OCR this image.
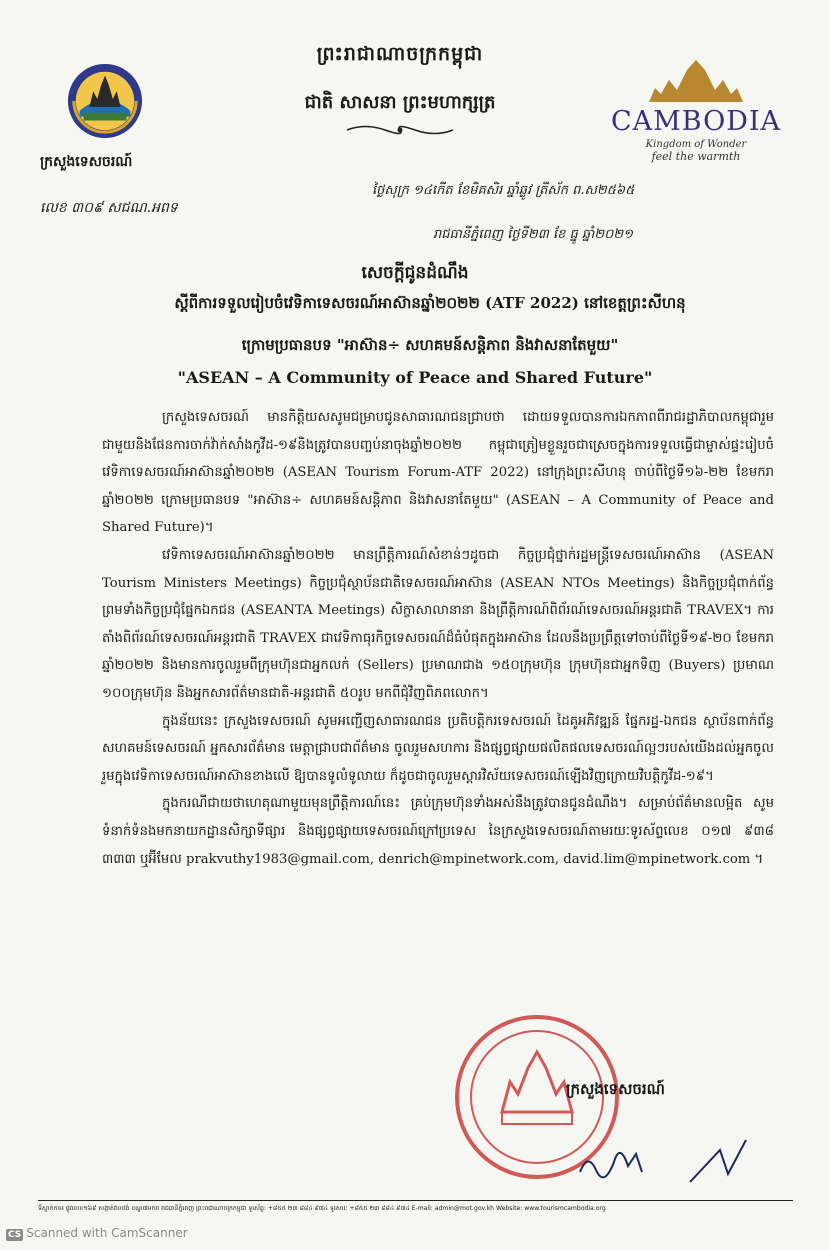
ក្រសួងទេសចរណ៍
លេខ ៣០៩ សជណ.អពទ
ព្រះរាជាណាចក្រកម្ពុជា
ជាតិ សាសនា ព្រះមហាក្សត្រ
CAMBODIA
Kingdom of Wonder
feel the warmth
ថ្ងៃសុក្រ ១៤កើត ខែមិគសិរ ឆ្នាំឆ្លូវ ត្រីស័ក ព.ស២៥៦៥
រាជធានីភ្នំពេញ ថ្ងៃទី២៣ ខែ ធ្នូ ឆ្នាំ២០២១
សេចក្ដីជូនដំណឹង
ស្ដីពីការទទួលរៀបចំវេទិកាទេសចរណ៍អាស៊ានឆ្នាំ២០២២ (ATF 2022) នៅខេត្តព្រះសីហនុ
ក្រោមប្រធានបទ "អាស៊ាន÷ សហគមន៍សន្តិភាព និងវាសនាតែមួយ"
"ASEAN – A Community of Peace and Shared Future"

ក្រសួងទេសចរណ៍ មានកិត្តិយសសូមជម្រាបជូនសាធារណជនជ្រាបថា ដោយទទួលបានការឯកភាពពីរាជរដ្ឋាភិបាលកម្ពុជារួមជាមួយនិងផែនការចាក់វ៉ាក់សាំងកូវីដ-១៩និងត្រូវបានបញ្ចប់នាចុងឆ្នាំ២០២២ កម្ពុជាត្រៀមខ្លួនរួចជាស្រេចក្នុងការទទួលធ្វើជាម្ចាស់ផ្ទះរៀបចំវេទិកាទេសចរណ៍អាស៊ានឆ្នាំ២០២២ (ASEAN Tourism Forum-ATF 2022) នៅក្រុងព្រះសីហនុ ចាប់ពីថ្ងៃទី១៦-២២ ខែមករា ឆ្នាំ២០២២ ក្រោមប្រធានបទ "អាស៊ាន÷ សហគមន៍សន្តិភាព និងវាសនាតែមួយ" (ASEAN – A Community of Peace and Shared Future)។

វេទិកាទេសចរណ៍អាស៊ានឆ្នាំ២០២២ មានព្រឹត្តិការណ៍សំខាន់ៗដូចជា កិច្ចប្រជុំថ្នាក់រដ្ឋមន្ត្រីទេសចរណ៍អាស៊ាន (ASEAN Tourism Ministers Meetings) កិច្ចប្រជុំស្ថាប័នជាតិទេសចរណ៍អាស៊ាន (ASEAN NTOs Meetings) និងកិច្ចប្រជុំពាក់ព័ន្ធ ព្រមទាំងកិច្ចប្រជុំផ្នែកឯកជន (ASEANTA Meetings) សិក្ខាសាលានានា និងព្រឹត្តិការណ៍ពិព័រណ៍ទេសចរណ៍អន្តរជាតិ TRAVEX។ ការតាំងពិព័រណ៍ទេសចរណ៍អន្តរជាតិ TRAVEX ជាវេទិកាធុរកិច្ចទេសចរណ៍ដ៏ធំបំផុតក្នុងអាស៊ាន ដែលនឹងប្រព្រឹត្តទៅចាប់ពីថ្ងៃទី១៩-២០ ខែមករា ឆ្នាំ២០២២ និងមានការចូលរួមពីក្រុមហ៊ុនជាអ្នកលក់ (Sellers) ប្រមាណជាង ១៥០ក្រុមហ៊ុន ក្រុមហ៊ុនជាអ្នកទិញ (Buyers) ប្រមាណ ១០០ក្រុមហ៊ុន និងអ្នកសារព័ត៌មានជាតិ-អន្តរជាតិ ៥០រូប មកពីជុំវិញពិភពលោក។

ក្នុងន័យនេះ ក្រសួងទេសចរណ៍ សូមអញ្ជើញសាធារណជន ប្រតិបត្តិករទេសចរណ៍ ដៃគូអភិវឌ្ឍន៍ ផ្នែករដ្ឋ-ឯកជន ស្ថាប័នពាក់ព័ន្ធ សហគមន៍ទេសចរណ៍ អ្នកសារព័ត៌មាន មេត្តាជ្រាបជាព័ត៌មាន ចូលរួមសហការ និងផ្សព្វផ្សាយផលិតផលទេសចរណ៍ល្អៗរបស់យើងដល់អ្នកចូលរួមក្នុងវេទិកាទេសចរណ៍អាស៊ានខាងលើ ឱ្យបានទូលំទូលាយ ក៏ដូចជាចូលរួមស្ដារវិស័យទេសចរណ៍ឡើងវិញក្រោយវិបត្តិកូវីដ-១៩។

ក្នុងករណីជាយថាហេតុណាមួយមុនព្រឹត្តិការណ៍នេះ គ្រប់ក្រុមហ៊ុនទាំងអស់នឹងត្រូវបានជូនដំណឹង។ សម្រាប់ព័ត៌មានលម្អិត សូមទំនាក់ទំនងមកនាយកដ្ឋានសិក្សាទីផ្សារ និងផ្សព្វផ្សាយទេសចរណ៍ក្រៅប្រទេស នៃក្រសួងទេសចរណ៍តាមរយៈទូរស័ព្ទលេខ ០១៧ ៩៣៨ ៣៣៣ ឬអ៊ីមែល prakvuthy1983@gmail.com, denrich@mpinetwork.com, david.lim@mpinetwork.com ។

ក្រសួងទេសចរណ៍
ទីស្នាក់ការ៖ ផ្លូវលេខ១៦៩ សង្កាត់វាលវង់ ខណ្ឌ៧មករា រាជធានីភ្នំពេញ ព្រះរាជាណាចក្រកម្ពុជា ទូរស័ព្ទ: +៨៥៥ ២៣ ៨៨៤ ៩៧៤ ទូរសារ: +៨៥៥ ២៣ ៨៨៤ ៩៧៤ E-mail: admin@mot.gov.kh Website: www.tourismcambodia.org
CS Scanned with CamScanner
